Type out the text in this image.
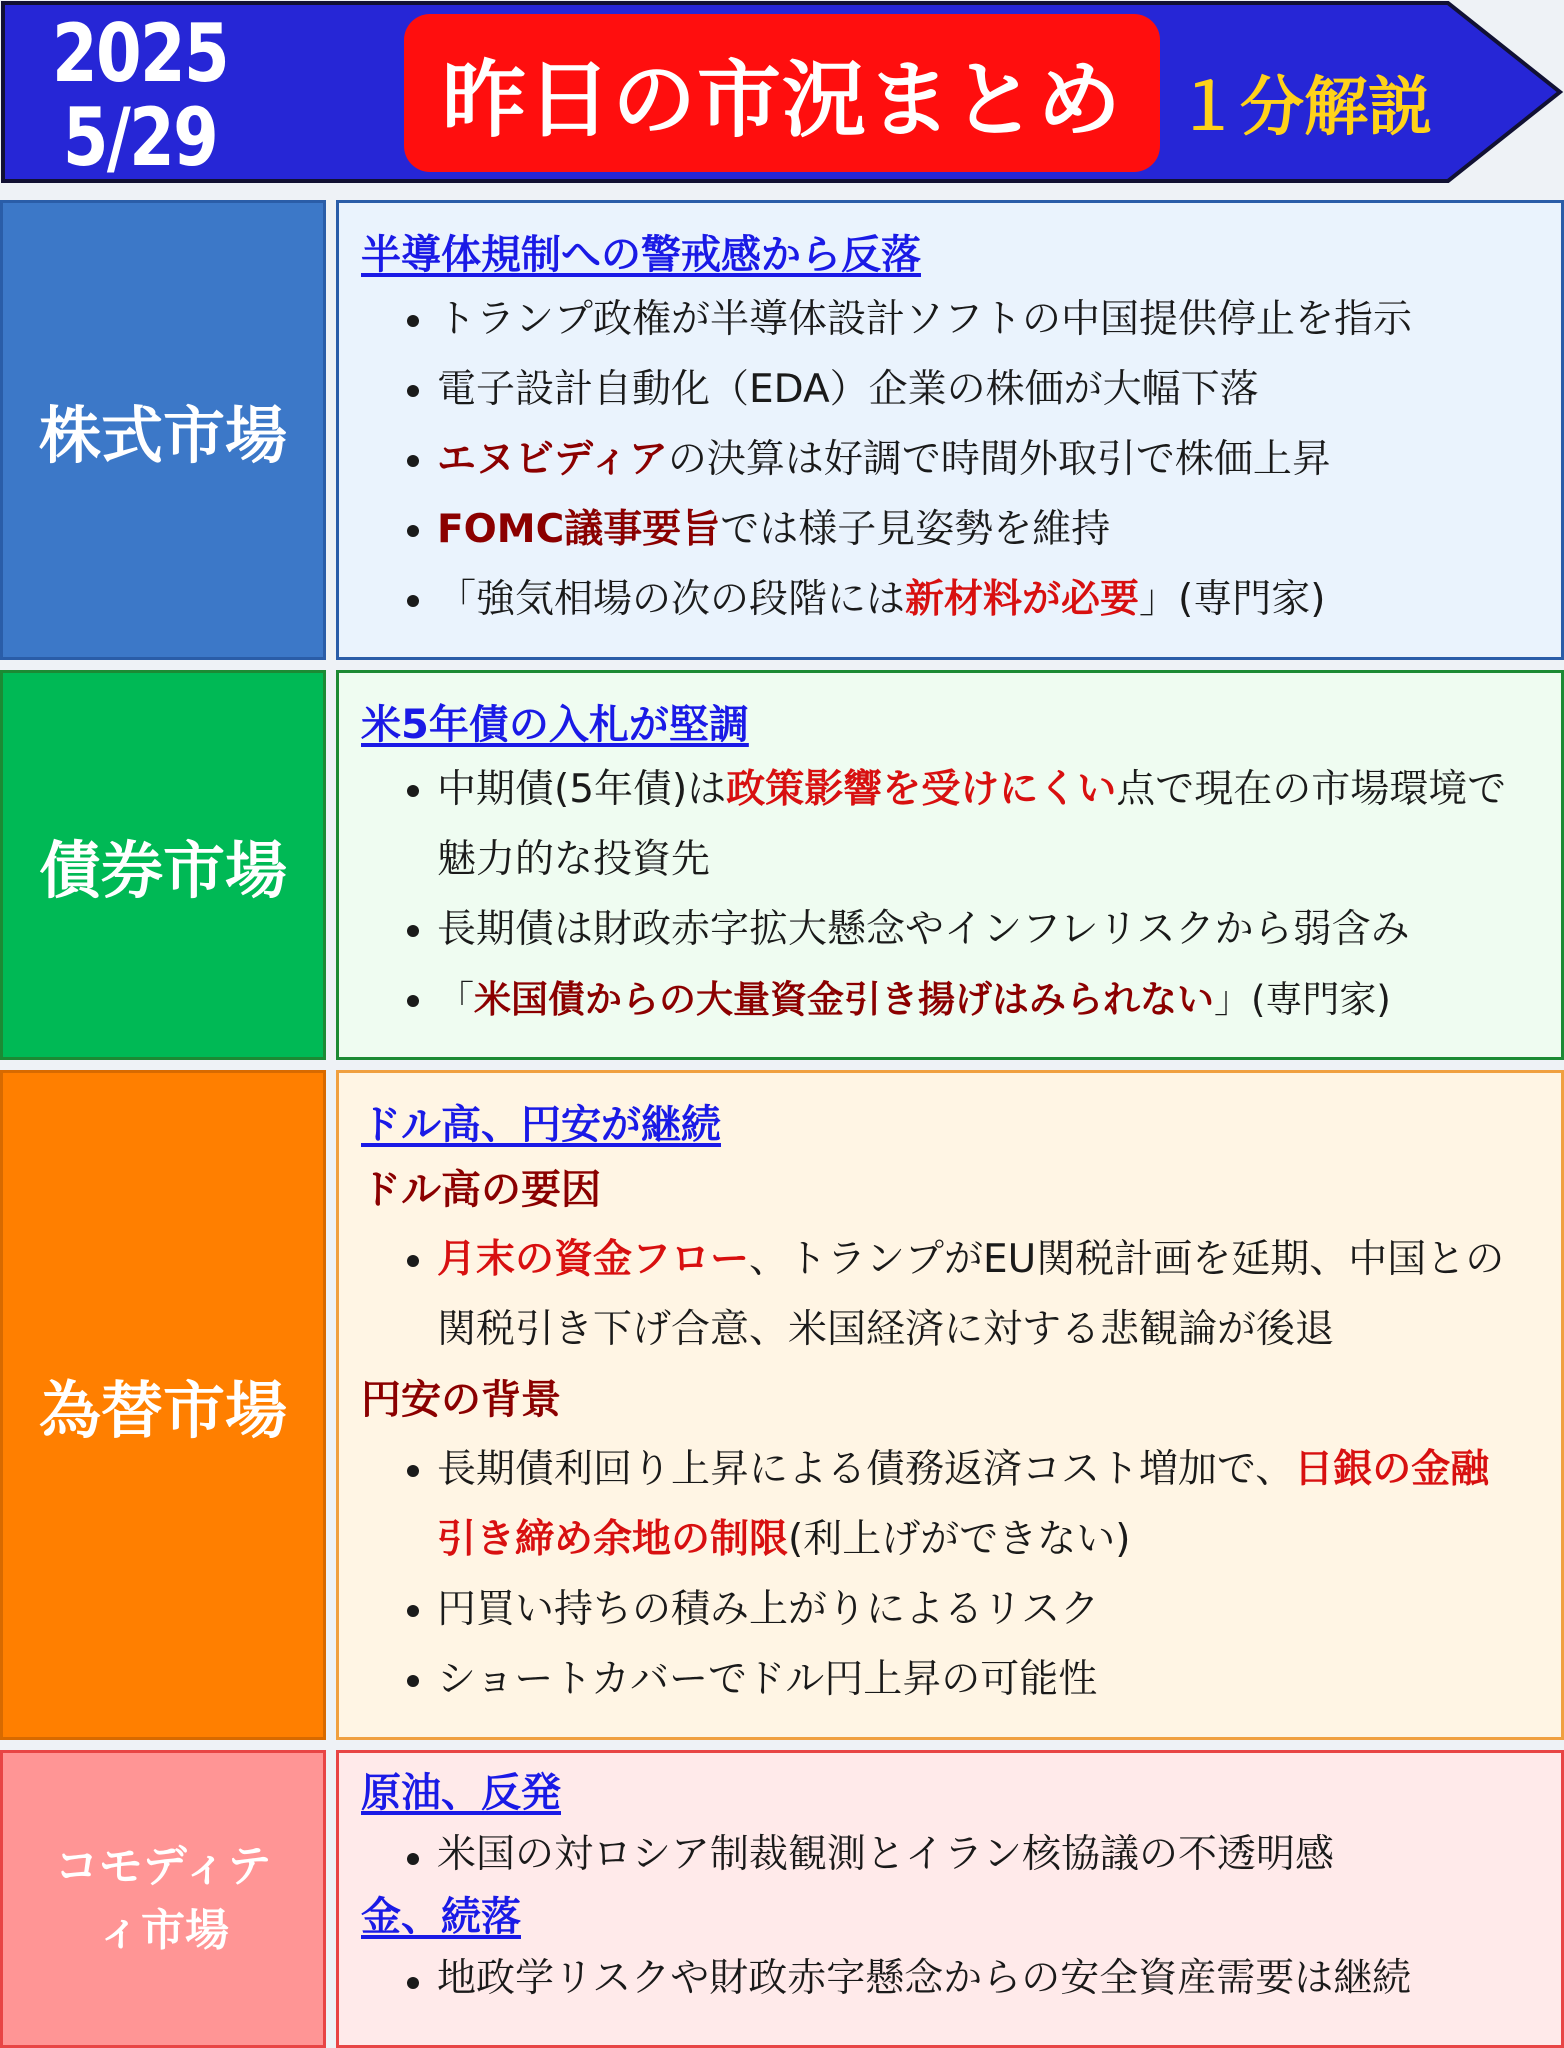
2025
5/29	昨日の市況まとめ １分解説
株式市場
半導体規制への警戒感から反落
トランプ政権が半導体設計ソフトの中国提供停止を指示
電子設計自動化（EDA）企業の株価が大幅下落
エヌビディアの決算は好調で時間外取引で株価上昇
FOMC議事要旨では様子見姿勢を維持
「強気相場の次の段階には新材料が必要」(専門家)
債券市場
米5年債の入札が堅調
中期債(5年債)は政策影響を受けにくい点で現在の市場環境で魅力的な投資先
長期債は財政赤字拡大懸念やインフレリスクから弱含み
「米国債からの大量資金引き揚げはみられない」(専門家)
為替市場
ドル高、円安が継続
ドル高の要因
月末の資金フロー、トランプがEU関税計画を延期、中国との関税引き下げ合意、米国経済に対する悲観論が後退
円安の背景
長期債利回り上昇による債務返済コスト増加で、日銀の金融引き締め余地の制限(利上げができない)
円買い持ちの積み上がりによるリスク
ショートカバーでドル円上昇の可能性
コモディテ
ィ市場
原油、反発
米国の対ロシア制裁観測とイラン核協議の不透明感
金、続落
地政学リスクや財政赤字懸念からの安全資産需要は継続
